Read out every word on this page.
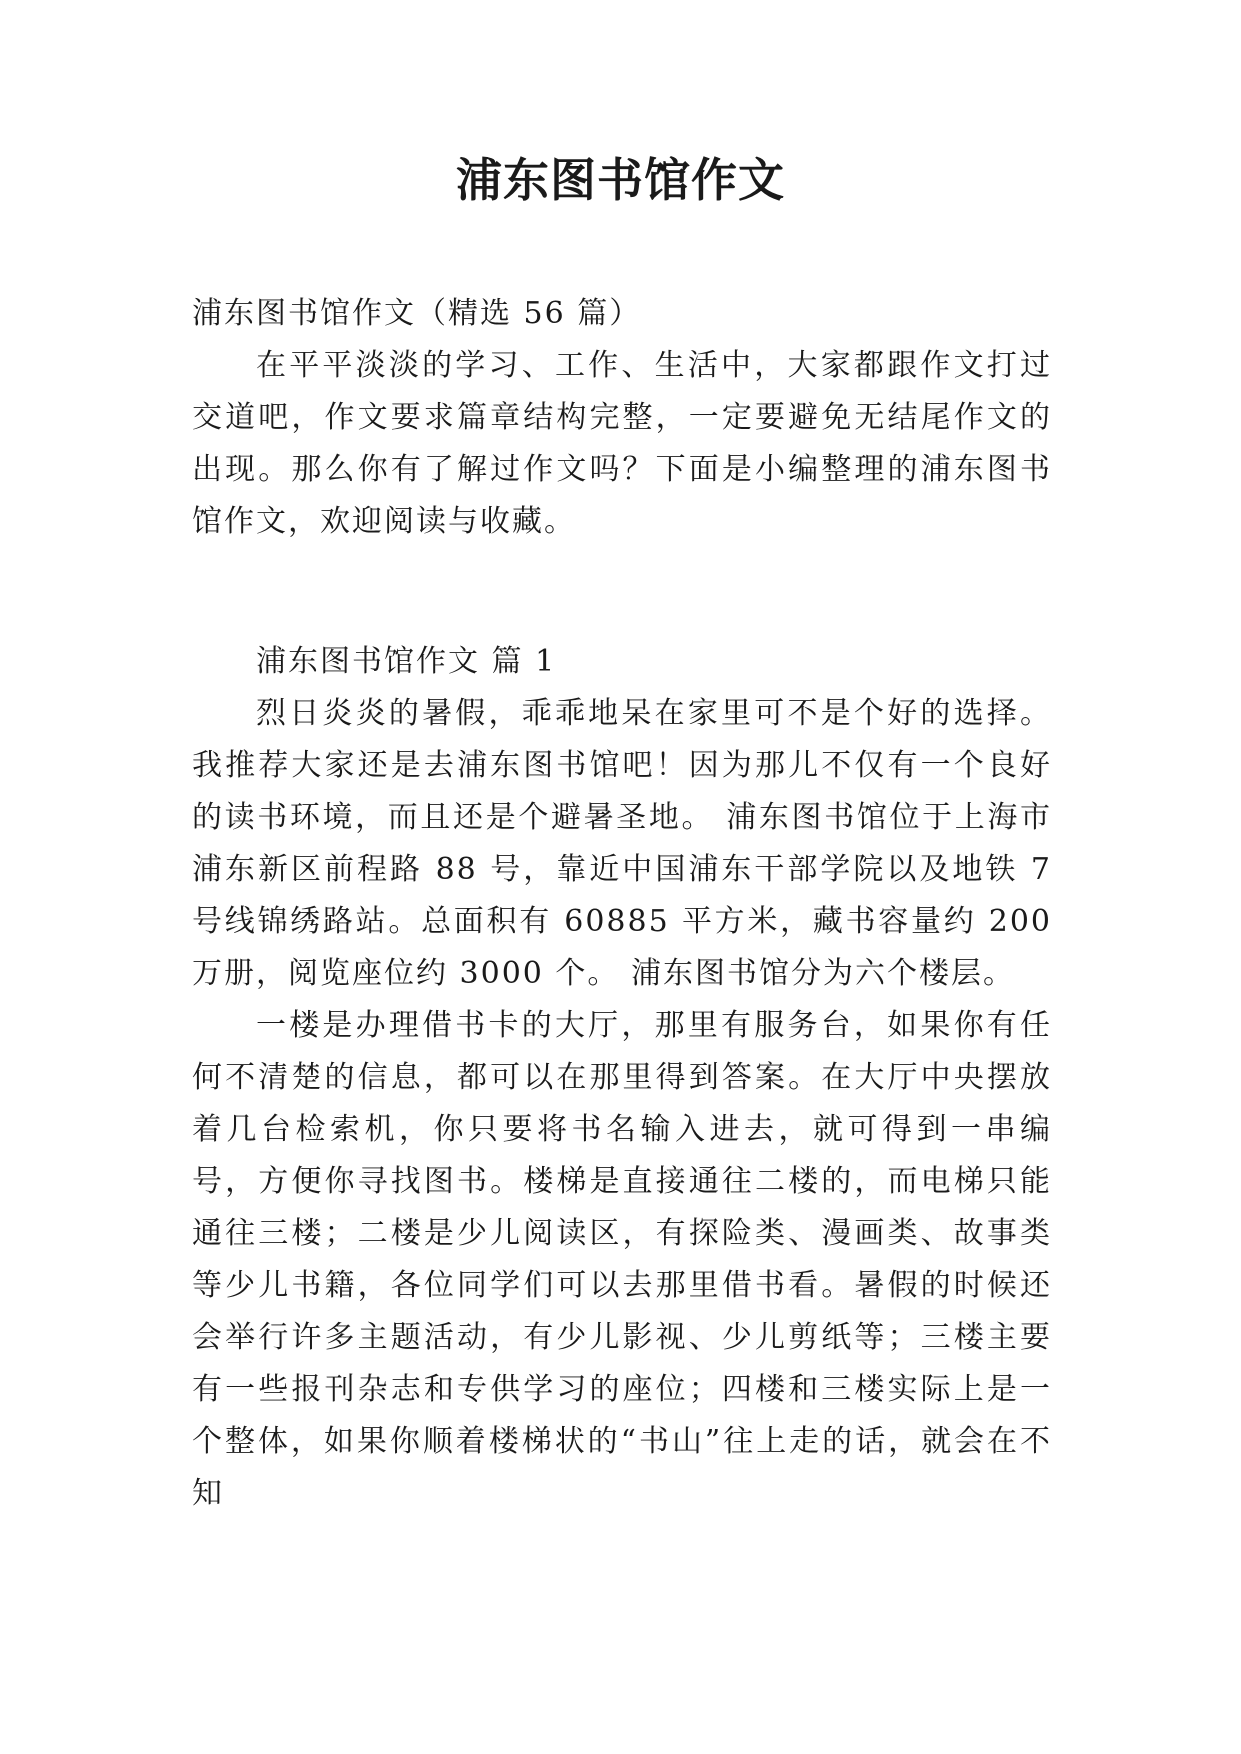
浦东图书馆作文

浦东图书馆作文（精选 56 篇）

在平平淡淡的学习、工作、生活中，大家都跟作文打过交道吧，作文要求篇章结构完整，一定要避免无结尾作文的出现。那么你有了解过作文吗？下面是小编整理的浦东图书馆作文，欢迎阅读与收藏。

浦东图书馆作文 篇 1

烈日炎炎的暑假，乖乖地呆在家里可不是个好的选择。我推荐大家还是去浦东图书馆吧！因为那儿不仅有一个良好的读书环境，而且还是个避暑圣地。 浦东图书馆位于上海市浦东新区前程路 88 号，靠近中国浦东干部学院以及地铁 7 号线锦绣路站。总面积有 60885 平方米，藏书容量约 200 万册，阅览座位约 3000 个。 浦东图书馆分为六个楼层。

一楼是办理借书卡的大厅，那里有服务台，如果你有任何不清楚的信息，都可以在那里得到答案。在大厅中央摆放着几台检索机，你只要将书名输入进去，就可得到一串编号，方便你寻找图书。楼梯是直接通往二楼的，而电梯只能通往三楼；二楼是少儿阅读区，有探险类、漫画类、故事类等少儿书籍，各位同学们可以去那里借书看。暑假的时候还会举行许多主题活动，有少儿影视、少儿剪纸等；三楼主要有一些报刊杂志和专供学习的座位；四楼和三楼实际上是一个整体，如果你顺着楼梯状的“书山”往上走的话，就会在不知
